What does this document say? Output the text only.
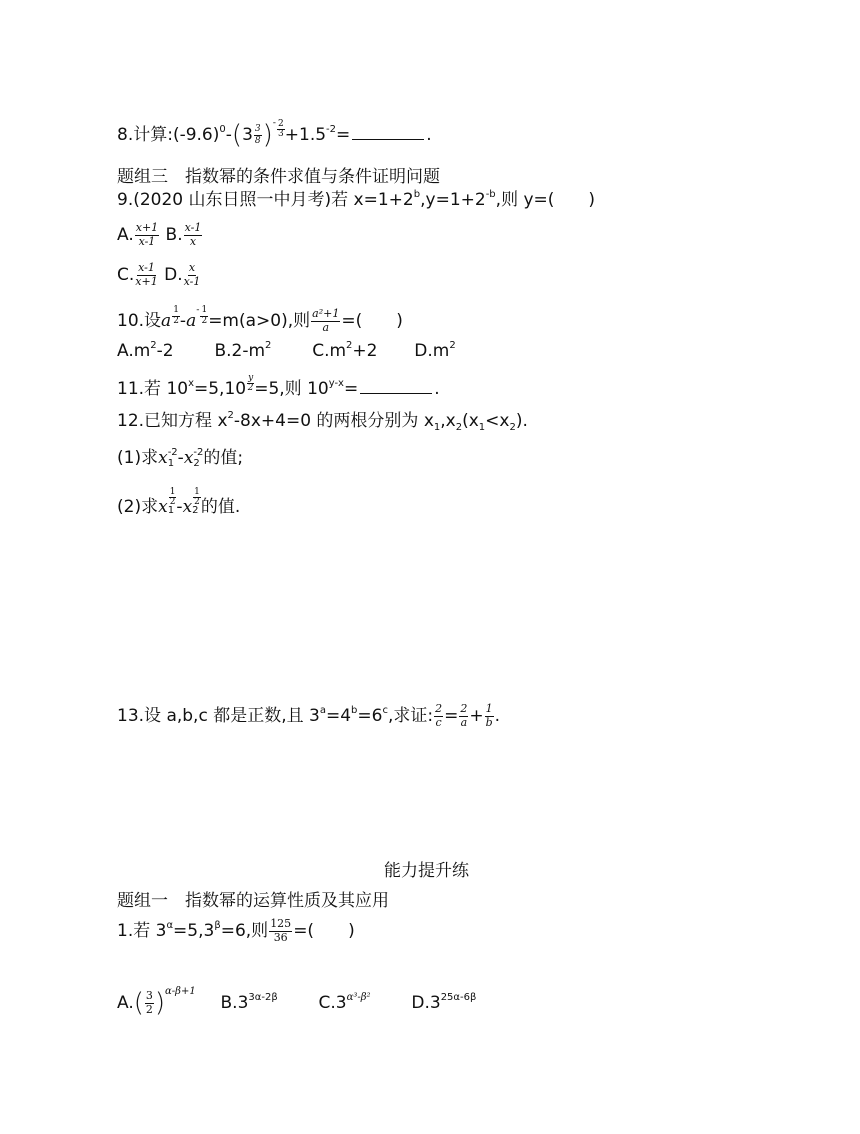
8.计算$:(-9.6)^0-(3 \frac{3}{8} )^- \frac{2}{3} +1.5^{-2}=$	.
题组三　指数幂的条件求值与条件证明问题
9.(2020 山东日照一中月考)若 $x=1+2^b,y=1+2^{-b}$,则 y=(　　)
A. $\frac{x+1}{x-1} B$. $\frac{x-1}{x}$
C. $\frac{x-1}{x+1} D$. $\frac{x}{x-1}$
10.设a $\frac{1}{2} -a^- \frac{1}{2} =m(a>0)$,则 $\frac{\text{a²+1}}{a}$ =(　　)
$A.m^2-2$ $B.2-m^2$ $C.m^2+2$ $D.m^2$
11.若 $10^x=5,10 \frac{y}{2} =5$,则 $10^{y-x}=$	.
12.已知方程 $x^2-8x+4=0$ 的两根分别为 $x_1,x_2(x_1<x_2)$.
(1)求x -2
1 -x -2
2 的值;
(2)求x $\frac{1}{2}$
1 $-x \frac{1}{2}$
2 的值.
13.设 a,b,c 都是正数,且 $3^a=4^b=6^c$,求证: $\frac{2}{c} = \frac{2}{a} + \frac{1}{b}$ .
能力提升练
题组一　指数幂的运算性质及其应用
1.若 $3^\alpha=5,3^\beta=6$,则 $\frac{125}{36}$ =(　　)
$A.( \frac{3}{2} )^{\alpha-\beta+1}$  $B.3^{3\alpha-2\beta}$ $C.3^{\alpha^3-\beta^2}$ $D.3^{25\alpha-6\beta}$
